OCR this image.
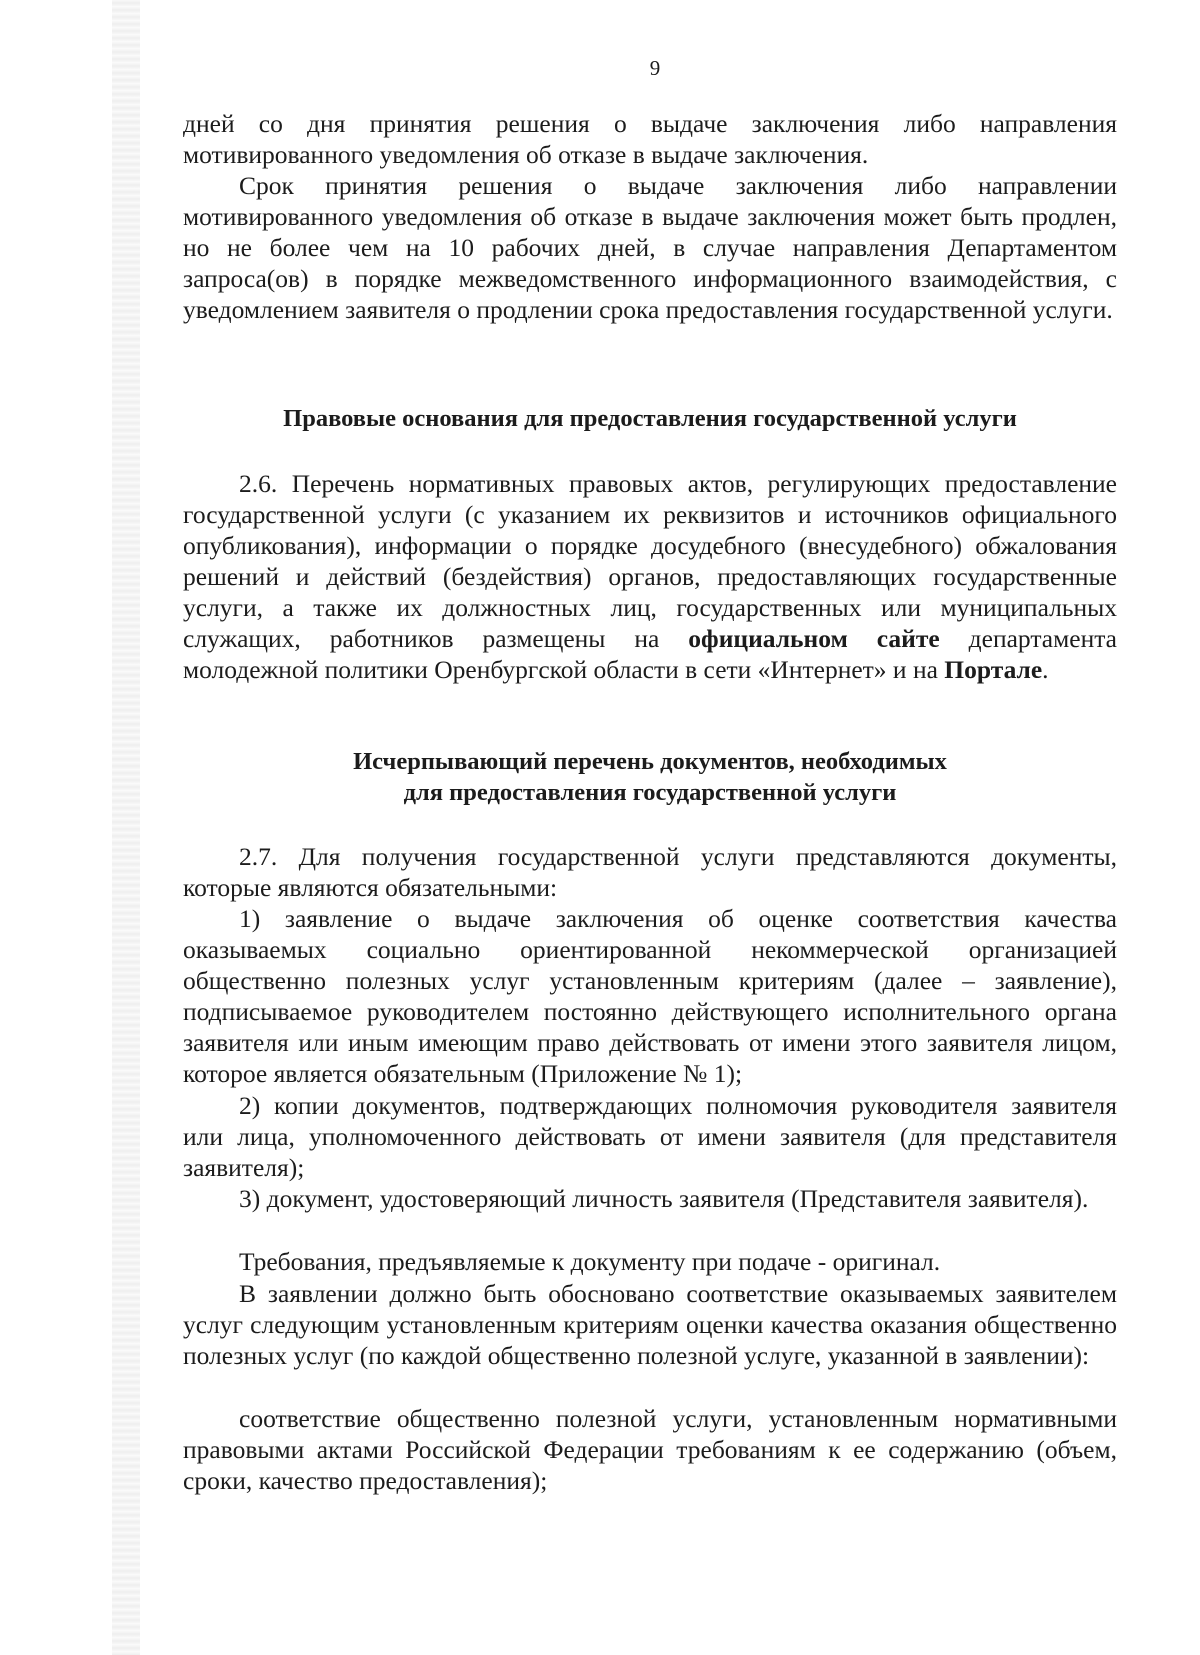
9
дней со дня принятия решения о выдаче заключения либо направления мотивированного уведомления об отказе в выдаче заключения.
Срок принятия решения о выдаче заключения либо направлении мотивированного уведомления об отказе в выдаче заключения может быть продлен, но не более чем на 10 рабочих дней, в случае направления Департаментом запроса(ов) в порядке межведомственного информационного взаимодействия, с уведомлением заявителя о продлении срока предоставления государственной услуги.
Правовые основания для предоставления государственной услуги
2.6. Перечень нормативных правовых актов, регулирующих предоставление государственной услуги (с указанием их реквизитов и источников официального опубликования), информации о порядке досудебного (внесудебного) обжалования решений и действий (бездействия) органов, предоставляющих государственные услуги, а также их должностных лиц, государственных или муниципальных служащих, работников размещены на официальном сайте департамента молодежной политики Оренбургской области в сети «Интернет» и на Портале.
Исчерпывающий перечень документов, необходимых
для предоставления государственной услуги
2.7. Для получения государственной услуги представляются документы, которые являются обязательными:
1) заявление о выдаче заключения об оценке соответствия качества оказываемых социально ориентированной некоммерческой организацией общественно полезных услуг установленным критериям (далее – заявление), подписываемое руководителем постоянно действующего исполнительного органа заявителя или иным имеющим право действовать от имени этого заявителя лицом, которое является обязательным (Приложение № 1);
2) копии документов, подтверждающих полномочия руководителя заявителя или лица, уполномоченного действовать от имени заявителя (для представителя заявителя);
3) документ, удостоверяющий личность заявителя (Представителя заявителя).
Требования, предъявляемые к документу при подаче - оригинал.
В заявлении должно быть обосновано соответствие оказываемых заявителем услуг следующим установленным критериям оценки качества оказания общественно полезных услуг (по каждой общественно полезной услуге, указанной в заявлении):
соответствие общественно полезной услуги, установленным нормативными правовыми актами Российской Федерации требованиям к ее содержанию (объем, сроки, качество предоставления);
